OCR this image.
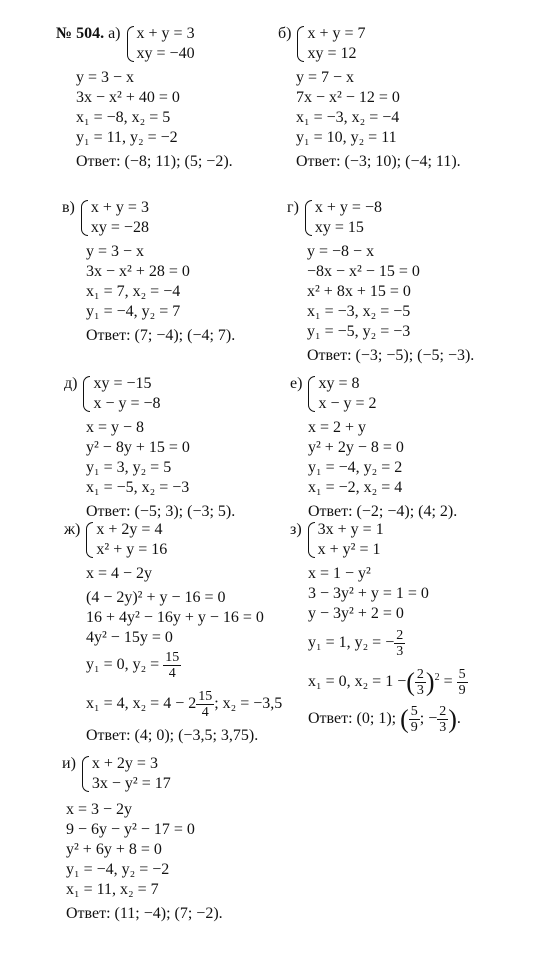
№ 504. а) x + y = 3
xy = −40
y = 3 − x
3x − x² + 40 = 0
x₁ = −8, x₂ = 5
y₁ = 11, y₂ = −2
Ответ: (−8; 11); (5; −2).
б) x + y = 7
xy = 12
y = 7 − x
7x − x² − 12 = 0
x₁ = −3, x₂ = −4
y₁ = 10, y₂ = 11
Ответ: (−3; 10); (−4; 11).
в) x + y = 3
xy = −28
y = 3 − x
3x − x² + 28 = 0
x₁ = 7, x₂ = −4
y₁ = −4, y₂ = 7
Ответ: (7; −4); (−4; 7).
г) x + y = −8
xy = 15
y = −8 − x
−8x − x² − 15 = 0
x² + 8x + 15 = 0
x₁ = −3, x₂ = −5
y₁ = −5, y₂ = −3
Ответ: (−3; −5); (−5; −3).
д) xy = −15
x − y = −8
x = y − 8
y² − 8y + 15 = 0
y₁ = 3, y₂ = 5
x₁ = −5, x₂ = −3
Ответ: (−5; 3); (−3; 5).
е) xy = 8
x − y = 2
x = 2 + y
y² + 2y − 8 = 0
y₁ = −4, y₂ = 2
x₁ = −2, x₂ = 4
Ответ: (−2; −4); (4; 2).
ж) x + 2y = 4
x² + y = 16
x = 4 − 2y
(4 − 2y)² + y − 16 = 0
16 + 4y² − 16y + y − 16 = 0
4y² − 15y = 0
y₁ = 0, $y_2 = \frac{15}{4}$
x₁ = 4, $x_2 = 4 - 2 \frac{15}{4}$ ; x₂ = −3,5
Ответ: (4; 0); (−3,5; 3,75).
з) 3x + y = 1
x + y² = 1
x = 1 − y²
3 − 3y² + y = 1 = 0
y − 3y² + 2 = 0
y₁ = 1, y₂ = − $\frac{2}{3}$
x₁ = 0, x₂ = 1 −( $\frac{2}{3} )^2 = \frac{5}{9}$
Ответ: (0; 1); ( $\frac{5}{9}$ ; − $\frac{2}{3}$ ).
и) x + 2y = 3
3x − y² = 17
x = 3 − 2y
9 − 6y − y² − 17 = 0
y² + 6y + 8 = 0
y₁ = −4, y₂ = −2
x₁ = 11, x₂ = 7
Ответ: (11; −4); (7; −2).
